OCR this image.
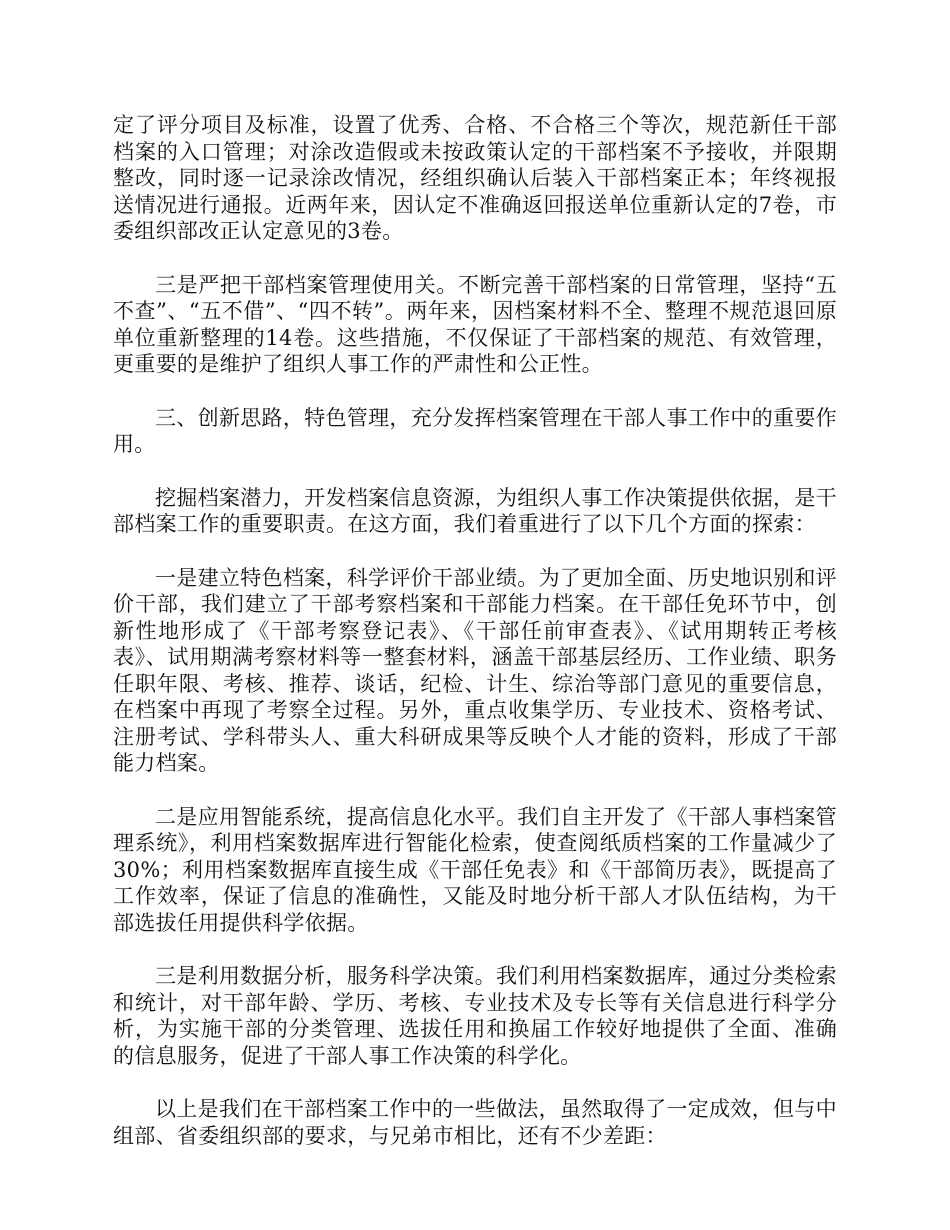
定了评分项目及标准，设置了优秀、合格、不合格三个等次，规范新任干部档案的入口管理；对涂改造假或未按政策认定的干部档案不予接收，并限期整改，同时逐一记录涂改情况，经组织确认后装入干部档案正本；年终视报送情况进行通报。近两年来，因认定不准确返回报送单位重新认定的7卷，市委组织部改正认定意见的3卷。

三是严把干部档案管理使用关。不断完善干部档案的日常管理，坚持“五不查”、“五不借”、“四不转”。两年来，因档案材料不全、整理不规范退回原单位重新整理的14卷。这些措施，不仅保证了干部档案的规范、有效管理，更重要的是维护了组织人事工作的严肃性和公正性。

三、创新思路，特色管理，充分发挥档案管理在干部人事工作中的重要作用。

挖掘档案潜力，开发档案信息资源，为组织人事工作决策提供依据，是干部档案工作的重要职责。在这方面，我们着重进行了以下几个方面的探索：

一是建立特色档案，科学评价干部业绩。为了更加全面、历史地识别和评价干部，我们建立了干部考察档案和干部能力档案。在干部任免环节中，创新性地形成了《干部考察登记表》、《干部任前审查表》、《试用期转正考核表》、试用期满考察材料等一整套材料，涵盖干部基层经历、工作业绩、职务任职年限、考核、推荐、谈话，纪检、计生、综治等部门意见的重要信息，在档案中再现了考察全过程。另外，重点收集学历、专业技术、资格考试、注册考试、学科带头人、重大科研成果等反映个人才能的资料，形成了干部能力档案。

二是应用智能系统，提高信息化水平。我们自主开发了《干部人事档案管理系统》，利用档案数据库进行智能化检索，使查阅纸质档案的工作量减少了30%；利用档案数据库直接生成《干部任免表》和《干部简历表》，既提高了工作效率，保证了信息的准确性，又能及时地分析干部人才队伍结构，为干部选拔任用提供科学依据。

三是利用数据分析，服务科学决策。我们利用档案数据库，通过分类检索和统计，对干部年龄、学历、考核、专业技术及专长等有关信息进行科学分析，为实施干部的分类管理、选拔任用和换届工作较好地提供了全面、准确的信息服务，促进了干部人事工作决策的科学化。

以上是我们在干部档案工作中的一些做法，虽然取得了一定成效，但与中组部、省委组织部的要求，与兄弟市相比，还有不少差距：
